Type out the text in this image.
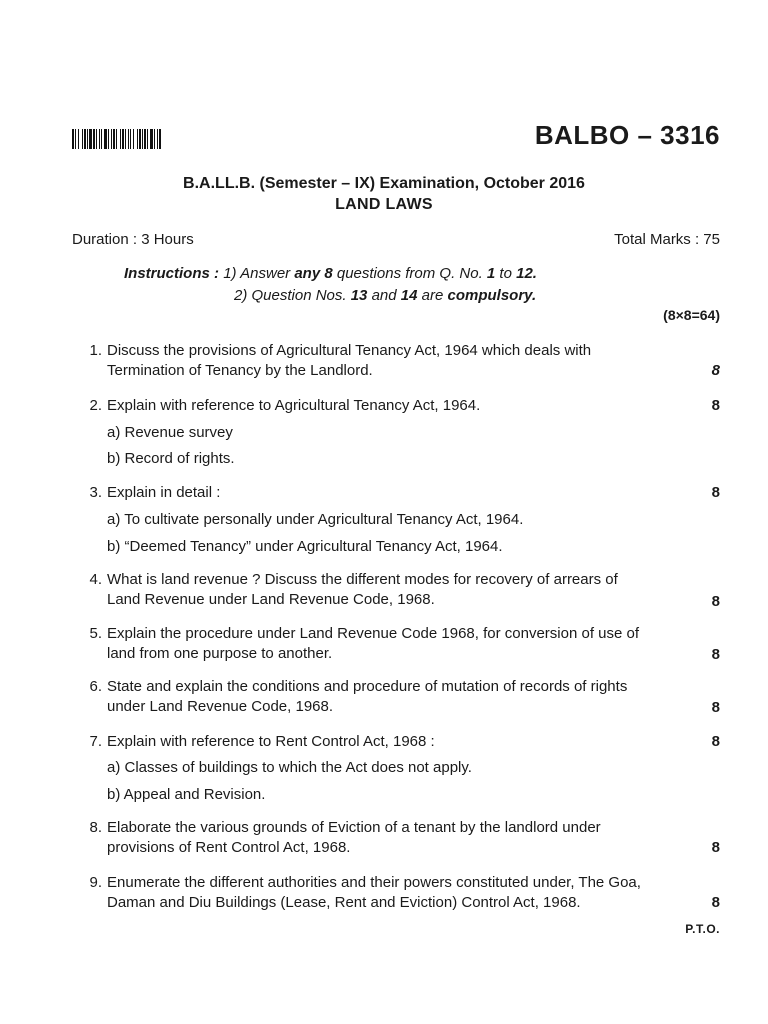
BALBO – 3316
B.A.LL.B. (Semester – IX) Examination, October 2016
LAND LAWS
Duration : 3 Hours	Total Marks : 75
Instructions : 1) Answer any 8 questions from Q. No. 1 to 12.
2) Question Nos. 13 and 14 are compulsory.
(8×8=64)
1. Discuss the provisions of Agricultural Tenancy Act, 1964 which deals with
Termination of Tenancy by the Landlord.	8
2. Explain with reference to Agricultural Tenancy Act, 1964.	8
a) Revenue survey
b) Record of rights.
3. Explain in detail :	8
a) To cultivate personally under Agricultural Tenancy Act, 1964.
b) “Deemed Tenancy” under Agricultural Tenancy Act, 1964.
4. What is land revenue ? Discuss the different modes for recovery of arrears of
Land Revenue under Land Revenue Code, 1968.	8
5. Explain the procedure under Land Revenue Code 1968, for conversion of use of
land from one purpose to another.	8
6. State and explain the conditions and procedure of mutation of records of rights
under Land Revenue Code, 1968.	8
7. Explain with reference to Rent Control Act, 1968 :	8
a) Classes of buildings to which the Act does not apply.
b) Appeal and Revision.
8. Elaborate the various grounds of Eviction of a tenant by the landlord under
provisions of Rent Control Act, 1968.	8
9. Enumerate the different authorities and their powers constituted under, The Goa,
Daman and Diu Buildings (Lease, Rent and Eviction) Control Act, 1968.	8
P.T.O.
